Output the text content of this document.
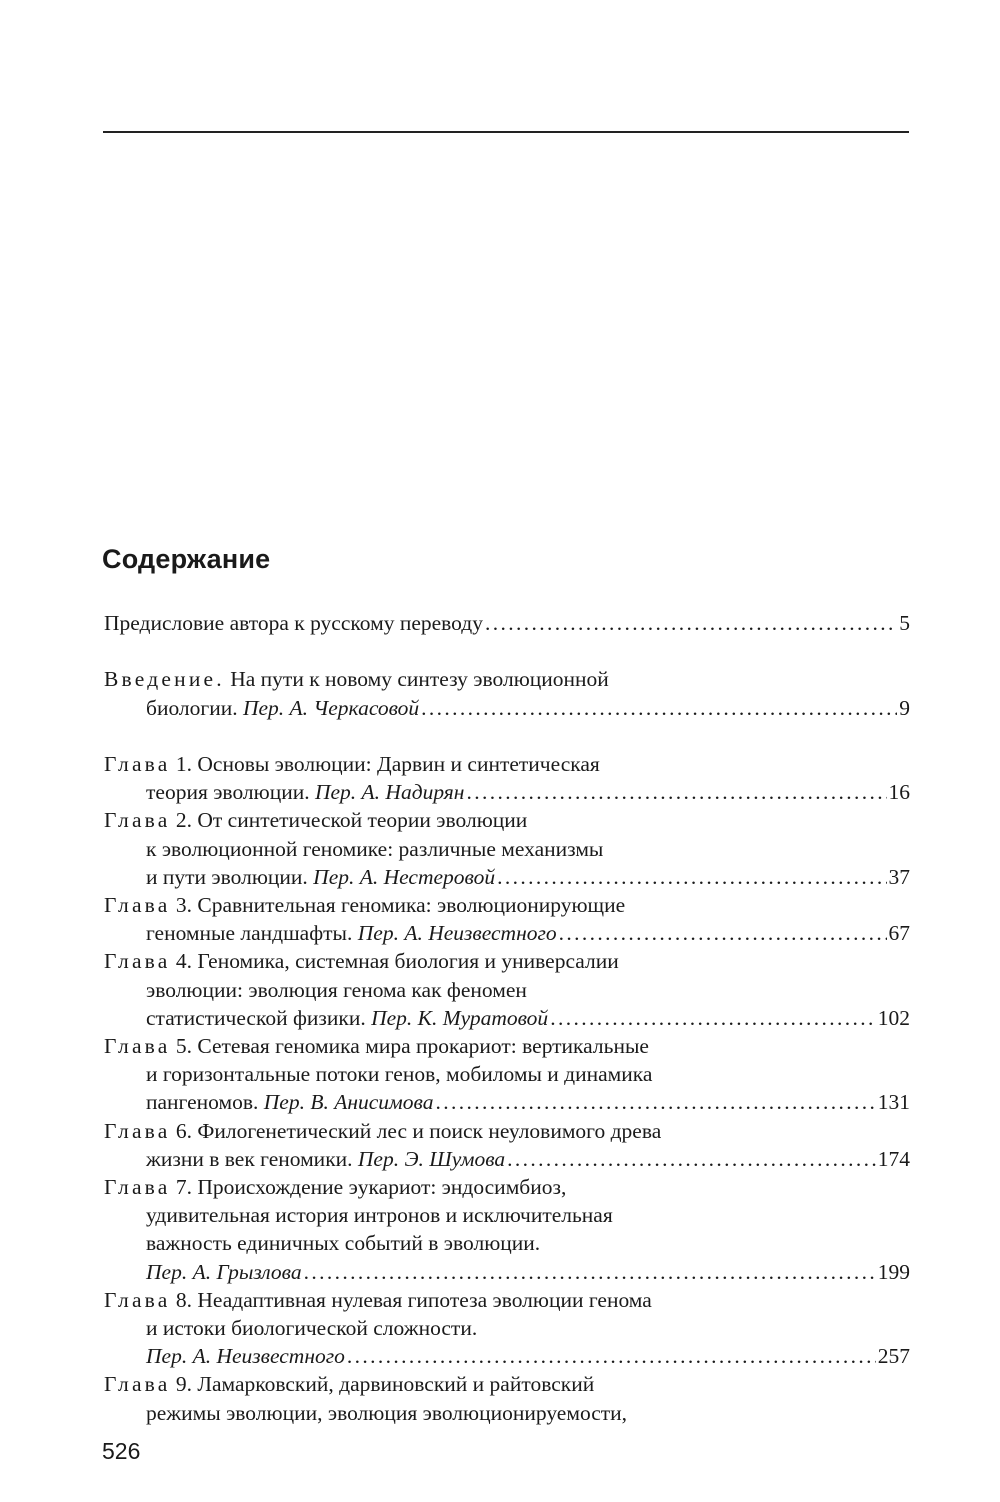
Содержание
Предисловие автора к русскому переводу . . .	5
Введение. На пути к новому синтезу эволюционной
биологии. Пер. А. Черкасовой . . .	9
Глава 1. Основы эволюции: Дарвин и синтетическая
теория эволюции. Пер. А. Надирян . . .	16
Глава 2. От синтетической теории эволюции
к эволюционной геномике: различные механизмы
и пути эволюции. Пер. А. Нестеровой . . .	37
Глава 3. Сравнительная геномика: эволюционирующие
геномные ландшафты. Пер. А. Неизвестного . . .	67
Глава 4. Геномика, системная биология и универсалии
эволюции: эволюция генома как феномен
статистической физики. Пер. К. Муратовой . . .	102
Глава 5. Сетевая геномика мира прокариот: вертикальные
и горизонтальные потоки генов, мобиломы и динамика
пангеномов. Пер. В. Анисимова . . .	131
Глава 6. Филогенетический лес и поиск неуловимого древа
жизни в век геномики. Пер. Э. Шумова . . .	174
Глава 7. Происхождение эукариот: эндосимбиоз,
удивительная история интронов и исключительная
важность единичных событий в эволюции.
Пер. А. Грызлова . . .	199
Глава 8. Неадаптивная нулевая гипотеза эволюции генома
и истоки биологической сложности.
Пер. А. Неизвестного . . .	257
Глава 9. Ламарковский, дарвиновский и райтовский
режимы эволюции, эволюция эволюционируемости,
526
